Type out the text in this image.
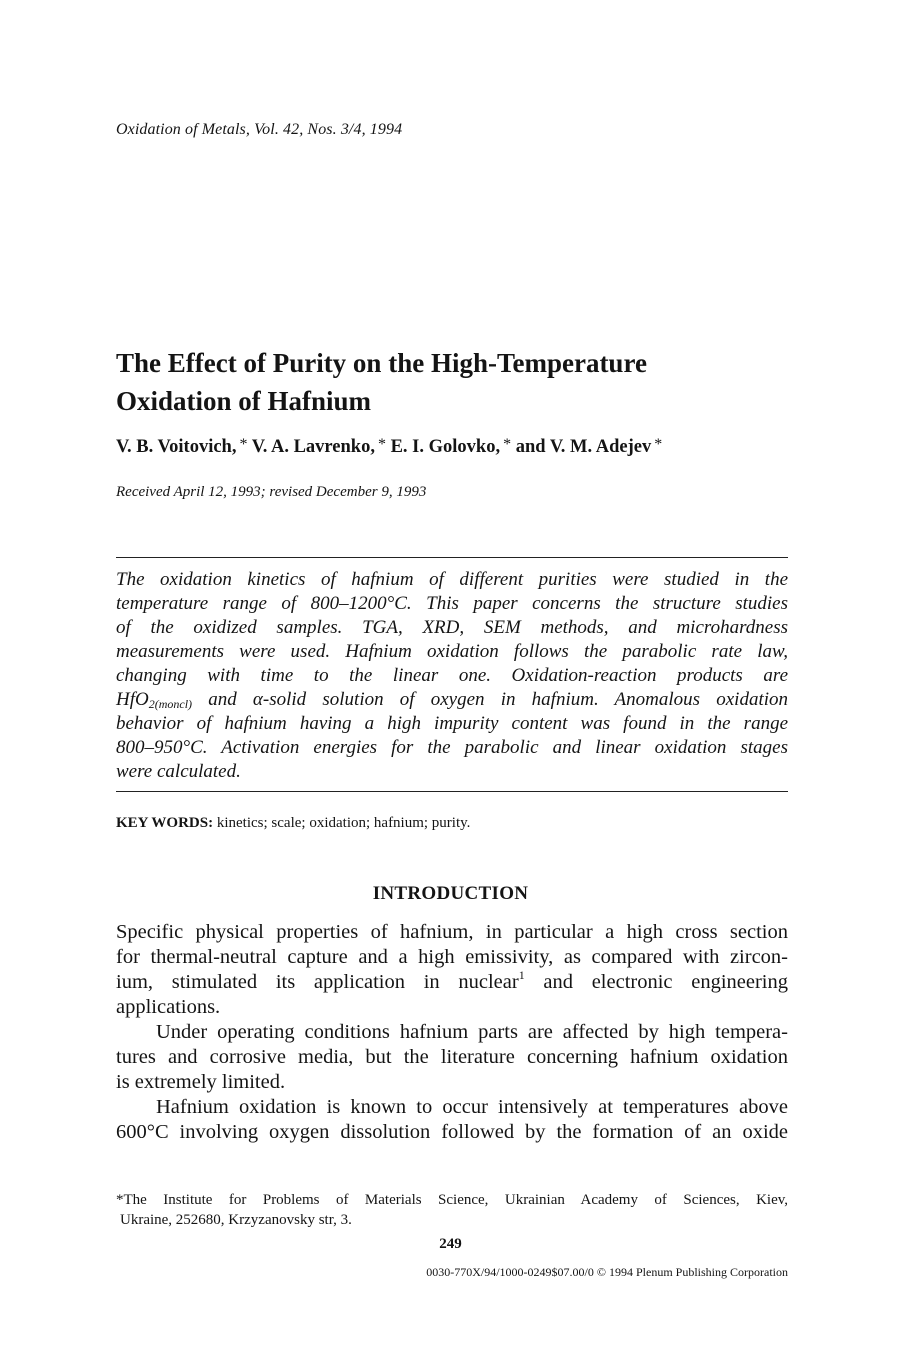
Oxidation of Metals, Vol. 42, Nos. 3/4, 1994
The Effect of Purity on the High-Temperature
Oxidation of Hafnium
V. B. Voitovich, * V. A. Lavrenko, * E. I. Golovko, * and V. M. Adejev *
Received April 12, 1993; revised December 9, 1993
The oxidation kinetics of hafnium of different purities were studied in the
temperature range of 800–1200°C. This paper concerns the structure studies
of the oxidized samples. TGA, XRD, SEM methods, and microhardness
measurements were used. Hafnium oxidation follows the parabolic rate law,
changing with time to the linear one. Oxidation-reaction products are
HfO$_{2(moncl)}$ and α-solid solution of oxygen in hafnium. Anomalous oxidation
behavior of hafnium having a high impurity content was found in the range
800–950°C. Activation energies for the parabolic and linear oxidation stages
were calculated.
KEY WORDS: kinetics; scale; oxidation; hafnium; purity.
INTRODUCTION
Specific physical properties of hafnium, in particular a high cross section
for thermal-neutral capture and a high emissivity, as compared with zircon-
ium, stimulated its application in nuclear$^1$ and electronic engineering
applications.
Under operating conditions hafnium parts are affected by high tempera-
tures and corrosive media, but the literature concerning hafnium oxidation
is extremely limited.
Hafnium oxidation is known to occur intensively at temperatures above
600°C involving oxygen dissolution followed by the formation of an oxide
*The Institute for Problems of Materials Science, Ukrainian Academy of Sciences, Kiev,
Ukraine, 252680, Krzyzanovsky str, 3.
249
0030-770X/94/1000-0249$07.00/0 © 1994 Plenum Publishing Corporation
